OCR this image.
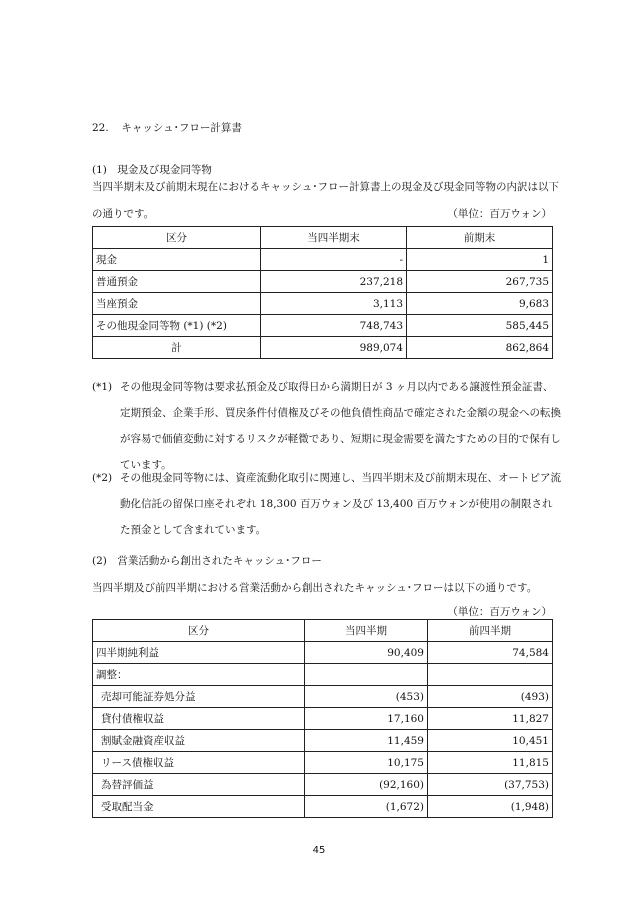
22. キャッシュ･フロー計算書
(1)　現金及び現金同等物
当四半期末及び前期末現在におけるキャッシュ･フロー計算書上の現金及び現金同等物の内訳は以下の通りです。	（単位：百万ウォン）
区分	当四半期末	前期末
現金	-	1
普通預金	237,218	267,735
当座預金	3,113	9,683
その他現金同等物 (*1) (*2)	748,743	585,445
計	989,074	862,864
(*1) その他現金同等物は要求払預金及び取得日から満期日が 3 ヶ月以内である譲渡性預金証書、定期預金、企業手形、買戻条件付債権及びその他負債性商品で確定された金額の現金への転換が容易で価値変動に対するリスクが軽微であり、短期に現金需要を満たすための目的で保有しています。
(*2) その他現金同等物には、資産流動化取引に関連し、当四半期末及び前期末現在、オートピア流動化信託の留保口座それぞれ 18,300 百万ウォン及び 13,400 百万ウォンが使用の制限された預金として含まれています。
(2)　営業活動から創出されたキャッシュ･フロー
当四半期及び前四半期における営業活動から創出されたキャッシュ･フローは以下の通りです。
（単位：百万ウォン）
区分	当四半期	前四半期
四半期純利益	90,409	74,584
調整：		
売却可能証券処分益	(453)	(493)
貸付債権収益	17,160	11,827
割賦金融資産収益	11,459	10,451
リース債権収益	10,175	11,815
為替評価益	(92,160)	(37,753)
受取配当金	(1,672)	(1,948)
45
